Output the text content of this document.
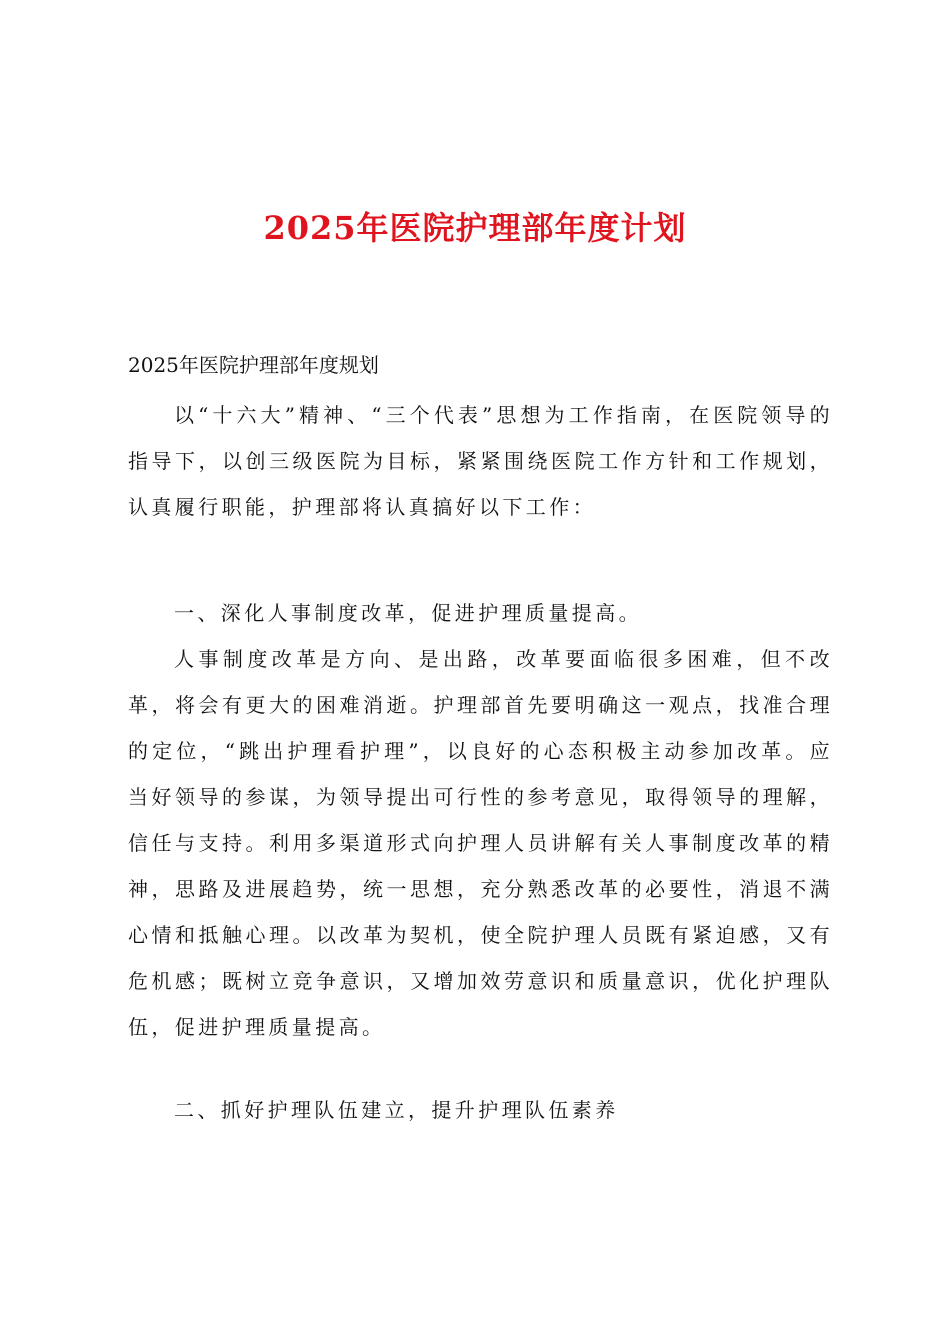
2025年医院护理部年度计划

2025年医院护理部年度规划

以“十六大”精神、“三个代表”思想为工作指南，在医院领导的指导下，以创三级医院为目标，紧紧围绕医院工作方针和工作规划，认真履行职能，护理部将认真搞好以下工作：

一、深化人事制度改革，促进护理质量提高。

人事制度改革是方向、是出路，改革要面临很多困难，但不改革，将会有更大的困难消逝。护理部首先要明确这一观点，找准合理的定位，“跳出护理看护理”，以良好的心态积极主动参加改革。应当好领导的参谋，为领导提出可行性的参考意见，取得领导的理解，信任与支持。利用多渠道形式向护理人员讲解有关人事制度改革的精神，思路及进展趋势，统一思想，充分熟悉改革的必要性，消退不满心情和抵触心理。以改革为契机，使全院护理人员既有紧迫感，又有危机感；既树立竞争意识，又增加效劳意识和质量意识，优化护理队伍，促进护理质量提高。

二、抓好护理队伍建立，提升护理队伍素养
